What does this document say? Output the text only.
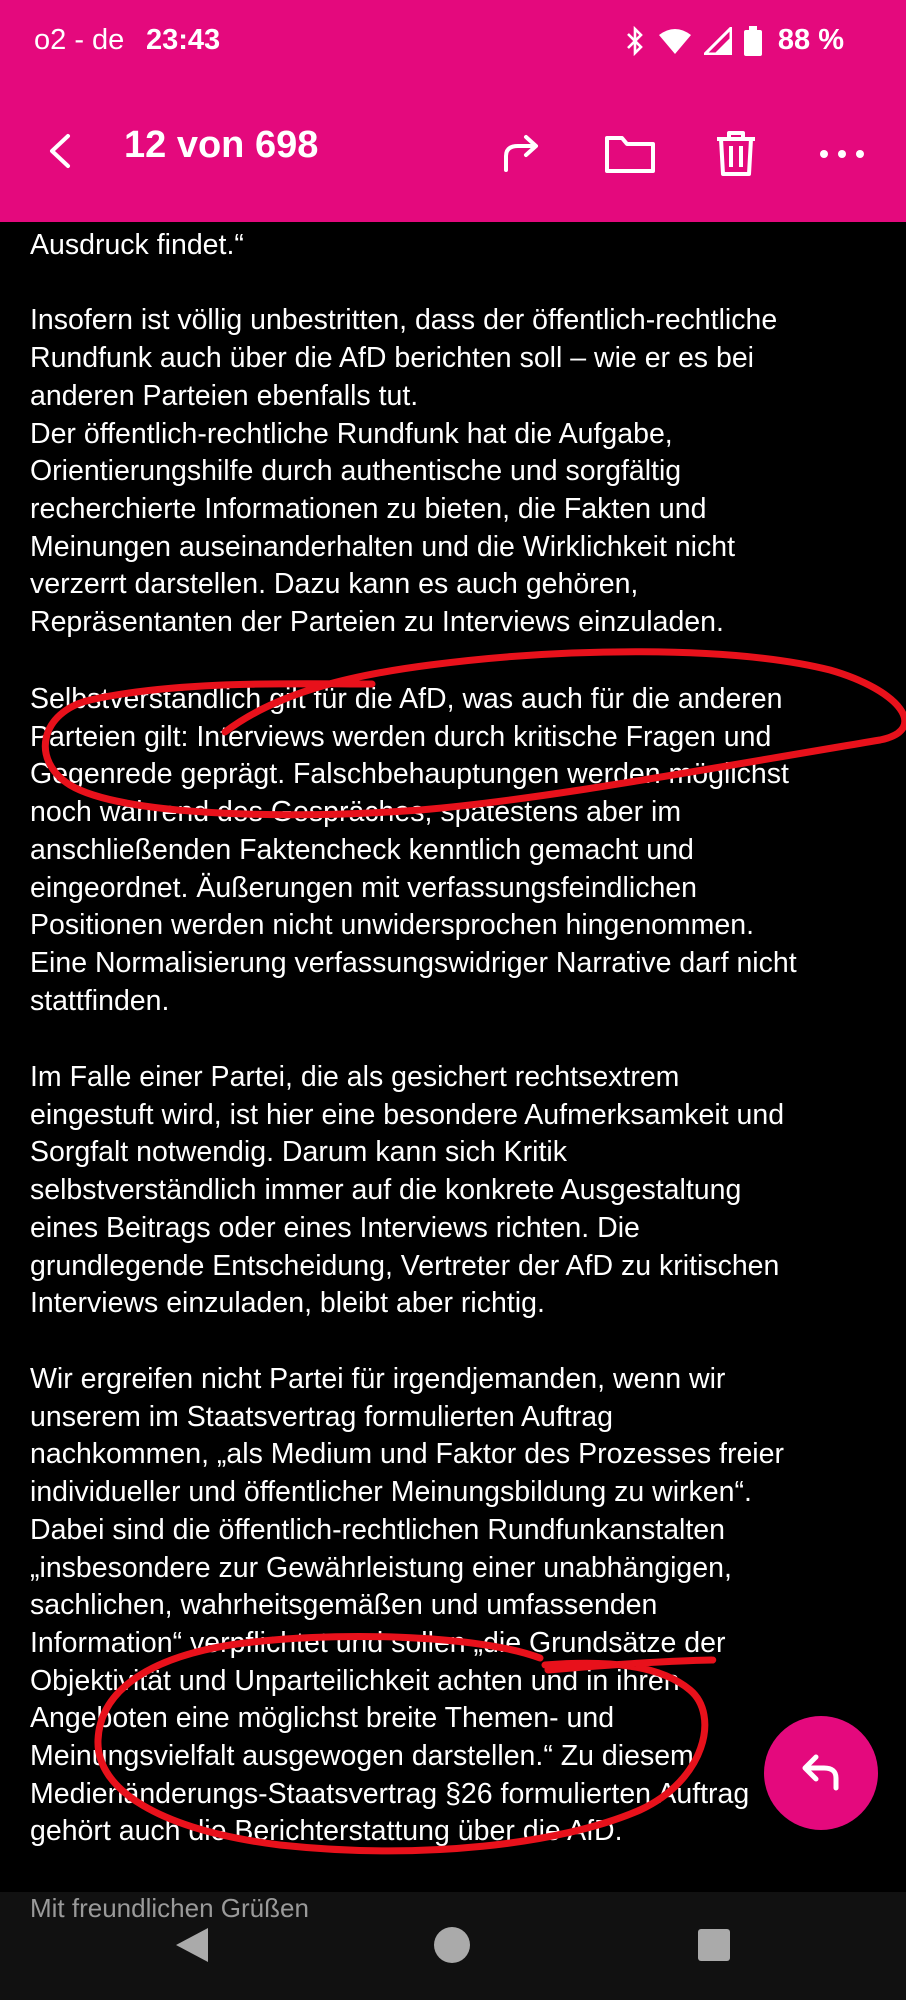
o2 - de 23:43	88 %
12 von 698

Ausdruck findet.“

Insofern ist völlig unbestritten, dass der öffentlich-rechtliche
Rundfunk auch über die AfD berichten soll – wie er es bei
anderen Parteien ebenfalls tut.
Der öffentlich-rechtliche Rundfunk hat die Aufgabe,
Orientierungshilfe durch authentische und sorgfältig
recherchierte Informationen zu bieten, die Fakten und
Meinungen auseinanderhalten und die Wirklichkeit nicht
verzerrt darstellen. Dazu kann es auch gehören,
Repräsentanten der Parteien zu Interviews einzuladen.

Selbstverständlich gilt für die AfD, was auch für die anderen
Parteien gilt: Interviews werden durch kritische Fragen und
Gegenrede geprägt. Falschbehauptungen werden möglichst
noch während des Gespräches, spätestens aber im
anschließenden Faktencheck kenntlich gemacht und
eingeordnet. Äußerungen mit verfassungsfeindlichen
Positionen werden nicht unwidersprochen hingenommen.
Eine Normalisierung verfassungswidriger Narrative darf nicht
stattfinden.

Im Falle einer Partei, die als gesichert rechtsextrem
eingestuft wird, ist hier eine besondere Aufmerksamkeit und
Sorgfalt notwendig. Darum kann sich Kritik
selbstverständlich immer auf die konkrete Ausgestaltung
eines Beitrags oder eines Interviews richten. Die
grundlegende Entscheidung, Vertreter der AfD zu kritischen
Interviews einzuladen, bleibt aber richtig.

Wir ergreifen nicht Partei für irgendjemanden, wenn wir
unserem im Staatsvertrag formulierten Auftrag
nachkommen, „als Medium und Faktor des Prozesses freier
individueller und öffentlicher Meinungsbildung zu wirken“.
Dabei sind die öffentlich-rechtlichen Rundfunkanstalten
„insbesondere zur Gewährleistung einer unabhängigen,
sachlichen, wahrheitsgemäßen und umfassenden
Information“ verpflichtet und sollen „die Grundsätze der
Objektivität und Unparteilichkeit achten und in ihren
Angeboten eine möglichst breite Themen- und
Meinungsvielfalt ausgewogen darstellen.“ Zu diesem
Medienänderungs-Staatsvertrag §26 formulierten Auftrag
gehört auch die Berichterstattung über die AfD.

Mit freundlichen Grüßen
